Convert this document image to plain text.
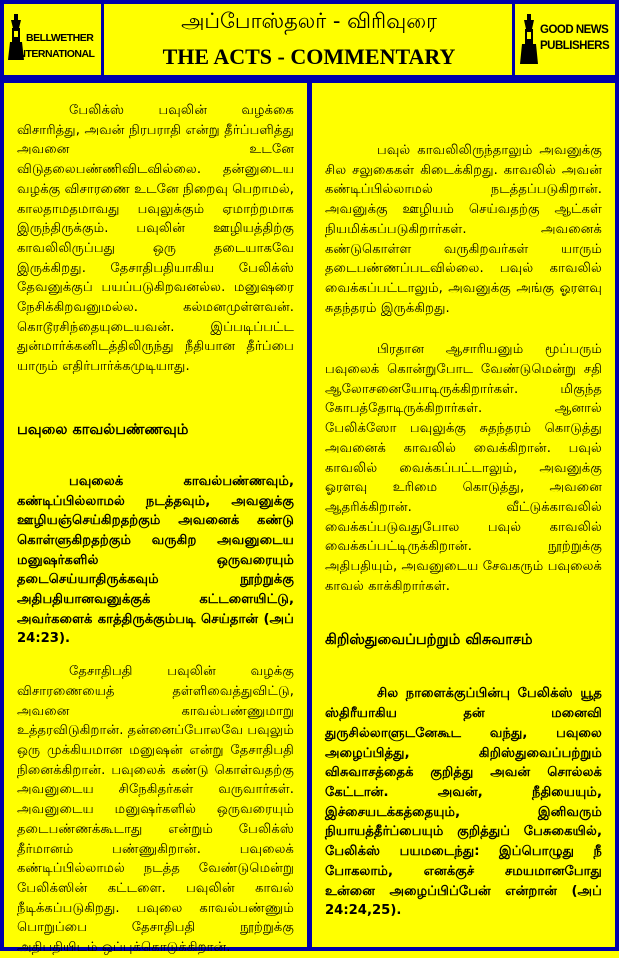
BELLWETHER
INTERNATIONAL
அப்போஸ்தலர் - விரிவுரை
THE ACTS - COMMENTARY
GOOD NEWS
PUBLISHERS

பேலிக்ஸ் பவுலின் வழக்கை விசாரித்து, அவன் நிரபராதி என்று தீர்ப்பளித்து அவனை உடனே விடுதலைபண்ணிவிடவில்லை. தன்னுடைய வழக்கு விசாரணை உடனே நிறைவு பெறாமல், காலதாமதமாவது பவுலுக்கும் ஏமாற்றமாக இருந்திருக்கும். பவுலின் ஊழியத்திற்கு காவலிலிருப்பது ஒரு தடையாகவே இருக்கிறது. தேசாதிபதியாகிய பேலிக்ஸ் தேவனுக்குப் பயப்படுகிறவனல்ல. மனுஷரை நேசிக்கிறவனுமல்ல. கல்மனமுள்ளவன். கொடூரசிந்தையுடையவன். இப்படிப்பட்ட துன்மார்க்கனிடத்திலிருந்து நீதியான தீர்ப்பை யாரும் எதிர்பார்க்கமுடியாது.

பவுலை காவல்பண்ணவும்

பவுலைக் காவல்பண்ணவும், கண்டிப்பில்லாமல் நடத்தவும், அவனுக்கு ஊழியஞ்செய்கிறதற்கும் அவனைக் கண்டு கொள்ளுகிறதற்கும் வருகிற அவனுடைய மனுஷர்களில் ஒருவரையும் தடைசெய்யாதிருக்கவும் நூற்றுக்கு அதிபதியானவனுக்குக் கட்டளையிட்டு, அவர்களைக் காத்திருக்கும்படி செய்தான் (அப் 24:23).

தேசாதிபதி பவுலின் வழக்கு விசாரணையைத் தள்ளிவைத்துவிட்டு, அவனை காவல்பண்ணுமாறு உத்தரவிடுகிறான். தன்னைப்போலவே பவுலும் ஒரு முக்கியமான மனுஷன் என்று தேசாதிபதி நினைக்கிறான். பவுலைக் கண்டு கொள்வதற்கு அவனுடைய சிநேகிதர்கள் வருவார்கள். அவனுடைய மனுஷர்களில் ஒருவரையும் தடைபண்ணக்கூடாது என்றும் பேலிக்ஸ் தீர்மானம் பண்ணுகிறான். பவுலைக் கண்டிப்பில்லாமல் நடத்த வேண்டுமென்று பேலிக்ஸின் கட்டளை. பவுலின் காவல் நீடிக்கப்படுகிறது. பவுலை காவல்பண்ணும் பொறுப்பை தேசாதிபதி நூற்றுக்கு அதிபதியிடம் ஒப்புக்கொடுக்கிறான்.

பவுல் காவலிலிருந்தாலும் அவனுக்கு சில சலுகைகள் கிடைக்கிறது. காவலில் அவன் கண்டிப்பில்லாமல் நடத்தப்படுகிறான். அவனுக்கு ஊழியம் செய்வதற்கு ஆட்கள் நியமிக்கப்படுகிறார்கள். அவனைக் கண்டுகொள்ள வருகிறவர்கள் யாரும் தடைபண்ணப்படவில்லை. பவுல் காவலில் வைக்கப்பட்டாலும், அவனுக்கு அங்கு ஓரளவு சுதந்தரம் இருக்கிறது.

பிரதான ஆசாரியனும் மூப்பரும் பவுலைக் கொன்றுபோட வேண்டுமென்று சதி ஆலோசனையோடிருக்கிறார்கள். மிகுந்த கோபத்தோடிருக்கிறார்கள். ஆனால் பேலிக்ஸோ பவுலுக்கு சுதந்தரம் கொடுத்து அவனைக் காவலில் வைக்கிறான். பவுல் காவலில் வைக்கப்பட்டாலும், அவனுக்கு ஓரளவு உரிமை கொடுத்து, அவனை ஆதரிக்கிறான். வீட்டுக்காவலில் வைக்கப்படுவதுபோல பவுல் காவலில் வைக்கப்பட்டிருக்கிறான். நூற்றுக்கு அதிபதியும், அவனுடைய சேவகரும் பவுலைக் காவல் காக்கிறார்கள்.

கிறிஸ்துவைப்பற்றும் விசுவாசம்

சில நாளைக்குப்பின்பு பேலிக்ஸ் யூத ஸ்திரீயாகிய தன் மனைவி துருசில்லாளுடனேகூட வந்து, பவுலை அழைப்பித்து, கிறிஸ்துவைப்பற்றும் விசுவாசத்தைக் குறித்து அவன் சொல்லக் கேட்டான். அவன், நீதியையும், இச்சையடக்கத்தையும், இனிவரும் நியாயத்தீர்ப்பையும் குறித்துப் பேசுகையில், பேலிக்ஸ் பயமடைந்து: இப்பொழுது நீ போகலாம், எனக்குச் சமயமானபோது உன்னை அழைப்பிப்பேன் என்றான் (அப் 24:24,25).
